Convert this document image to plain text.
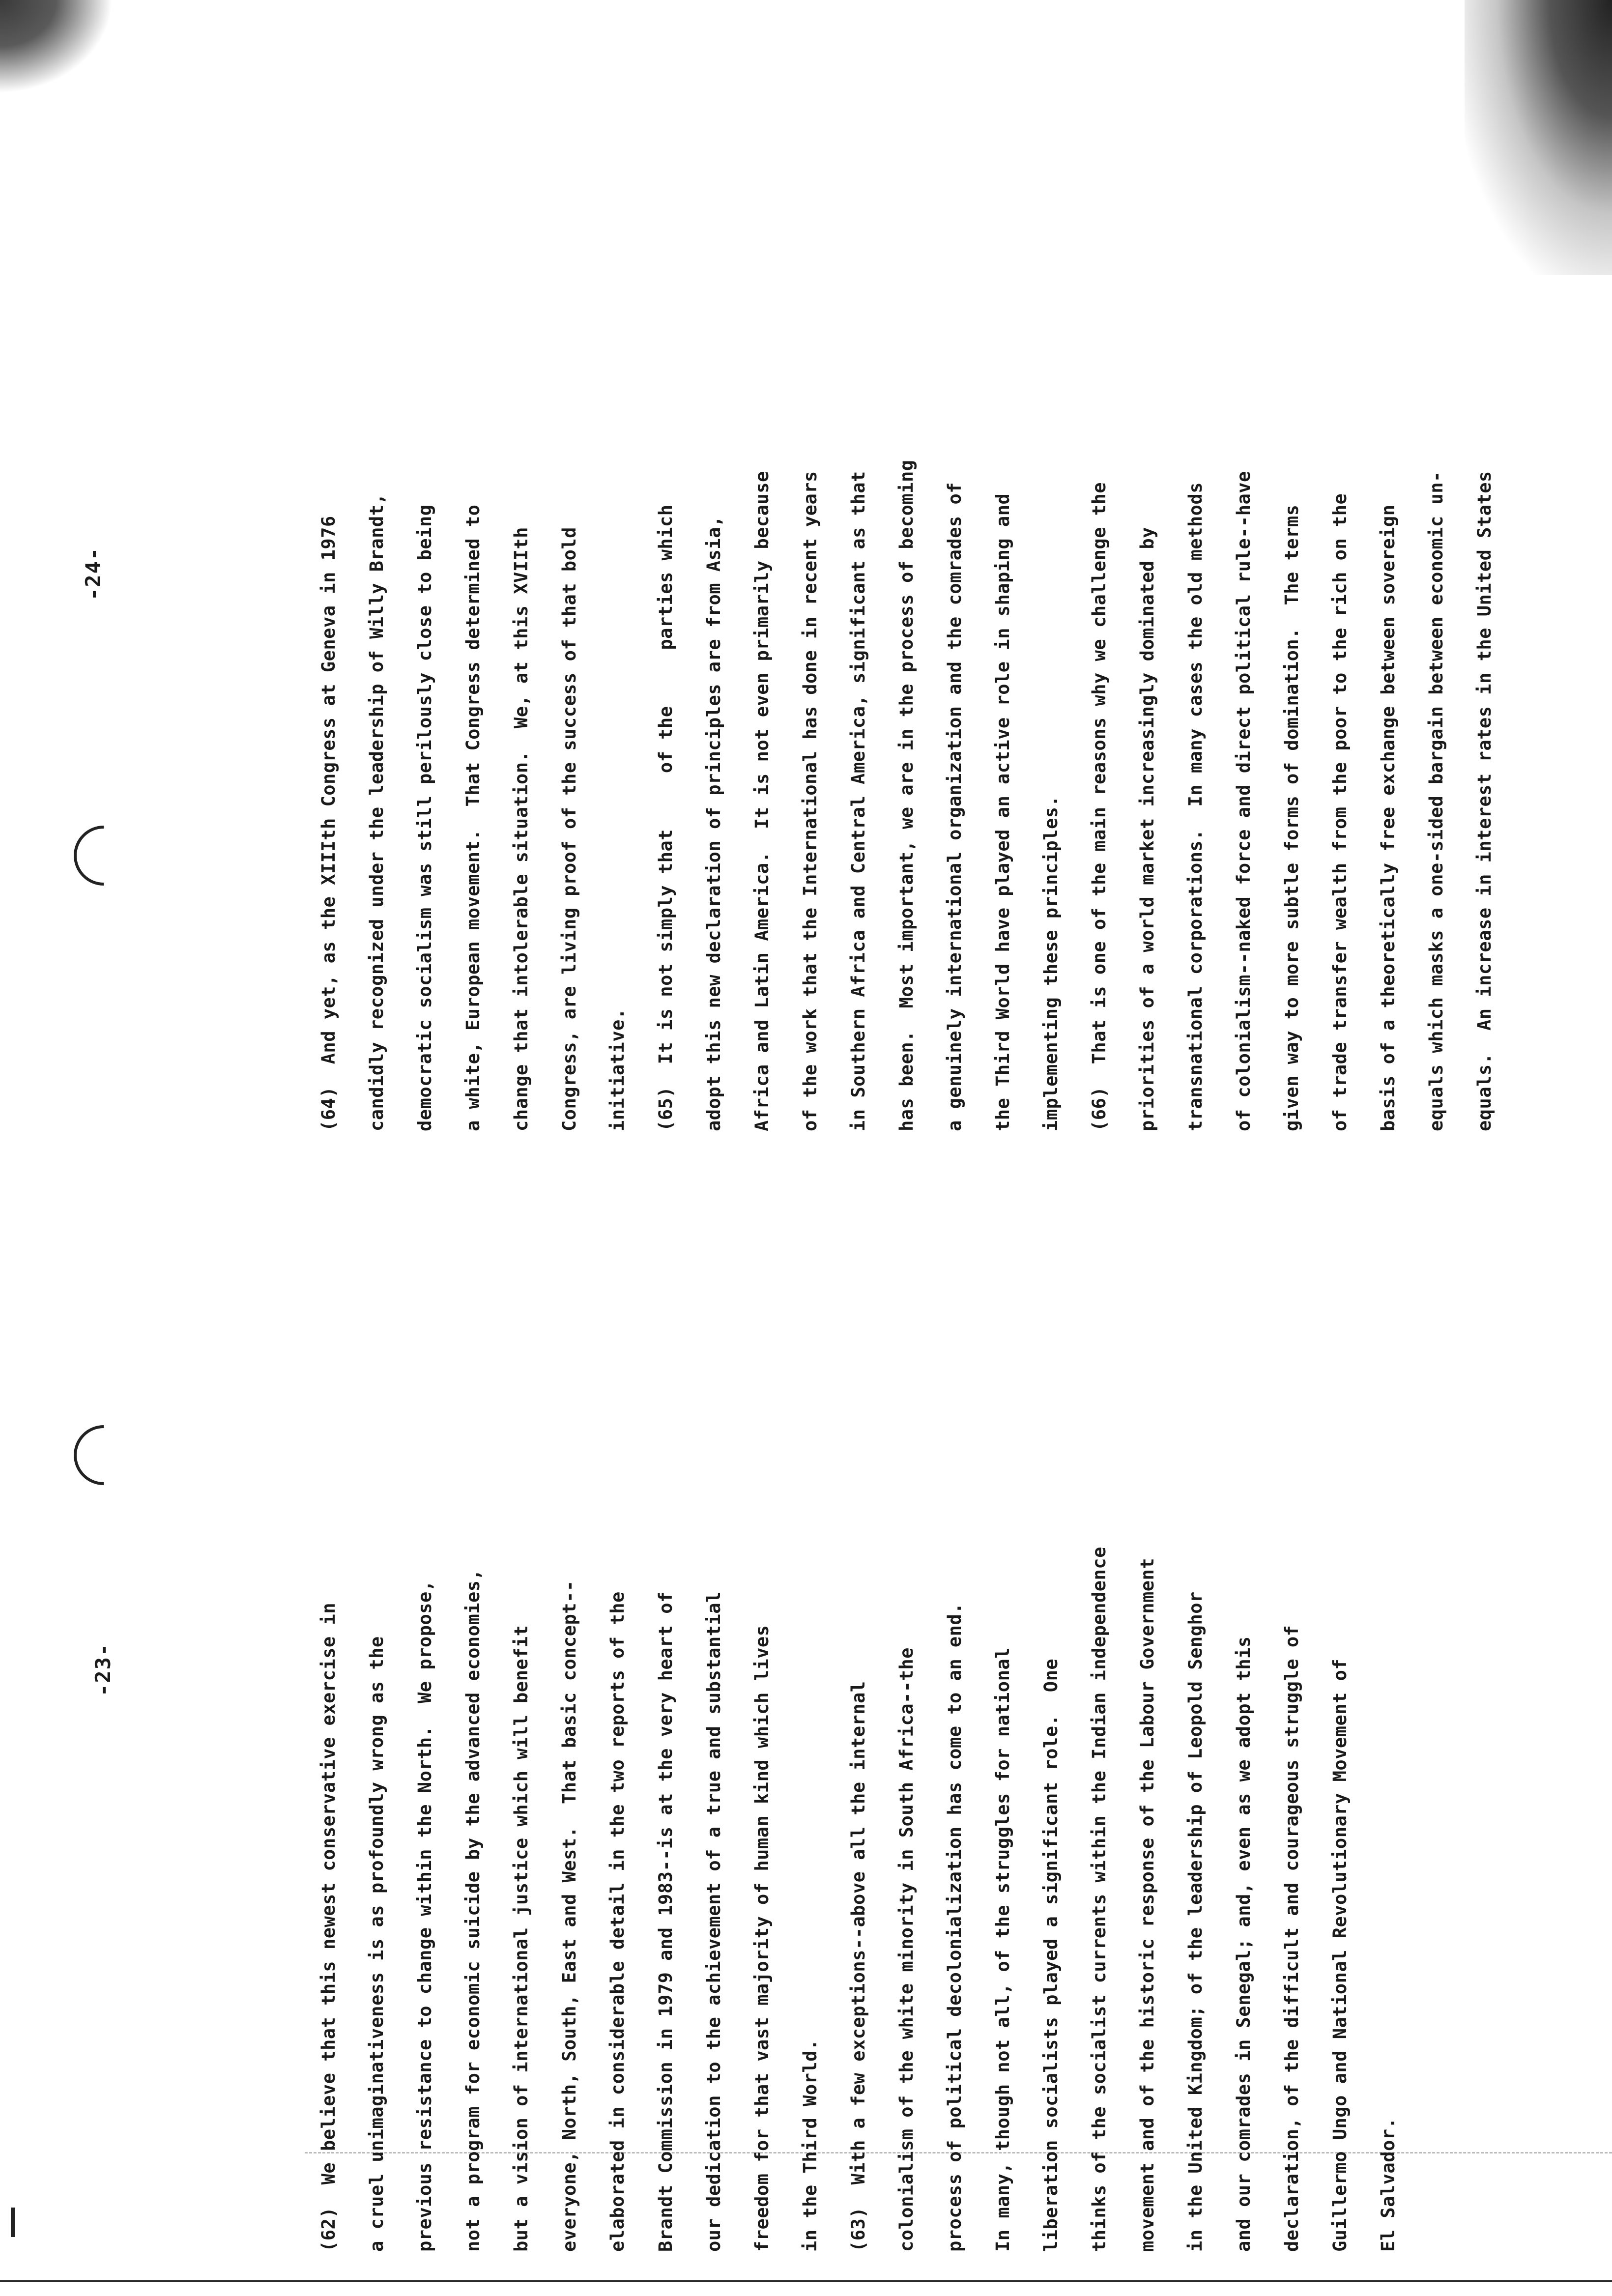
-23-
-24-
(62)  We believe that this newest conservative exercise in	a cruel unimaginativeness is as profoundly wrong as the	previous resistance to change within the North.  We propose,	not a program for economic suicide by the advanced economies,	but a vision of international justice which will benefit	everyone, North, South, East and West.  That basic concept--	elaborated in considerable detail in the two reports of the	Brandt Commission in 1979 and 1983--is at the very heart of	our dedication to the achievement of a true and substantial	freedom for that vast majority of human kind which lives	in the Third World.	(63)  With a few exceptions--above all the internal	colonialism of the white minority in South Africa--the	process of political decolonialization has come to an end.	In many, though not all, of the struggles for national	liberation socialists played a significant role.  One	thinks of the socialist currents within the Indian independence	movement and of the historic response of the Labour Government	in the United Kingdom; of the leadership of Leopold Senghor	and our comrades in Senegal; and, even as we adopt this	declaration, of the difficult and courageous struggle of	Guillermo Ungo and National Revolutionary Movement of	El Salvador.
(64)  And yet, as the XIIIth Congress at Geneva in 1976	candidly recognized under the leadership of Willy Brandt,	democratic socialism was still perilously close to being	a white, European movement.  That Congress determined to	change that intolerable situation.  We, at this XVIIth	Congress, are living proof of the success of that bold	initiative.	(65)  It is not simply that     of the     parties which	adopt this new declaration of principles are from Asia,	Africa and Latin America.  It is not even primarily because	of the work that the International has done in recent years	in Southern Africa and Central America, significant as that	has been.  Most important, we are in the process of becoming	a genuinely international organization and the comrades of	the Third World have played an active role in shaping and	implementing these principles.	(66)  That is one of the main reasons why we challenge the	priorities of a world market increasingly dominated by	transnational corporations.  In many cases the old methods	of colonialism--naked force and direct political rule--have	given way to more subtle forms of domination.  The terms	of trade transfer wealth from the poor to the rich on the	basis of a theoretically free exchange between sovereign	equals which masks a one-sided bargain between economic un-	equals.  An increase in interest rates in the United States
